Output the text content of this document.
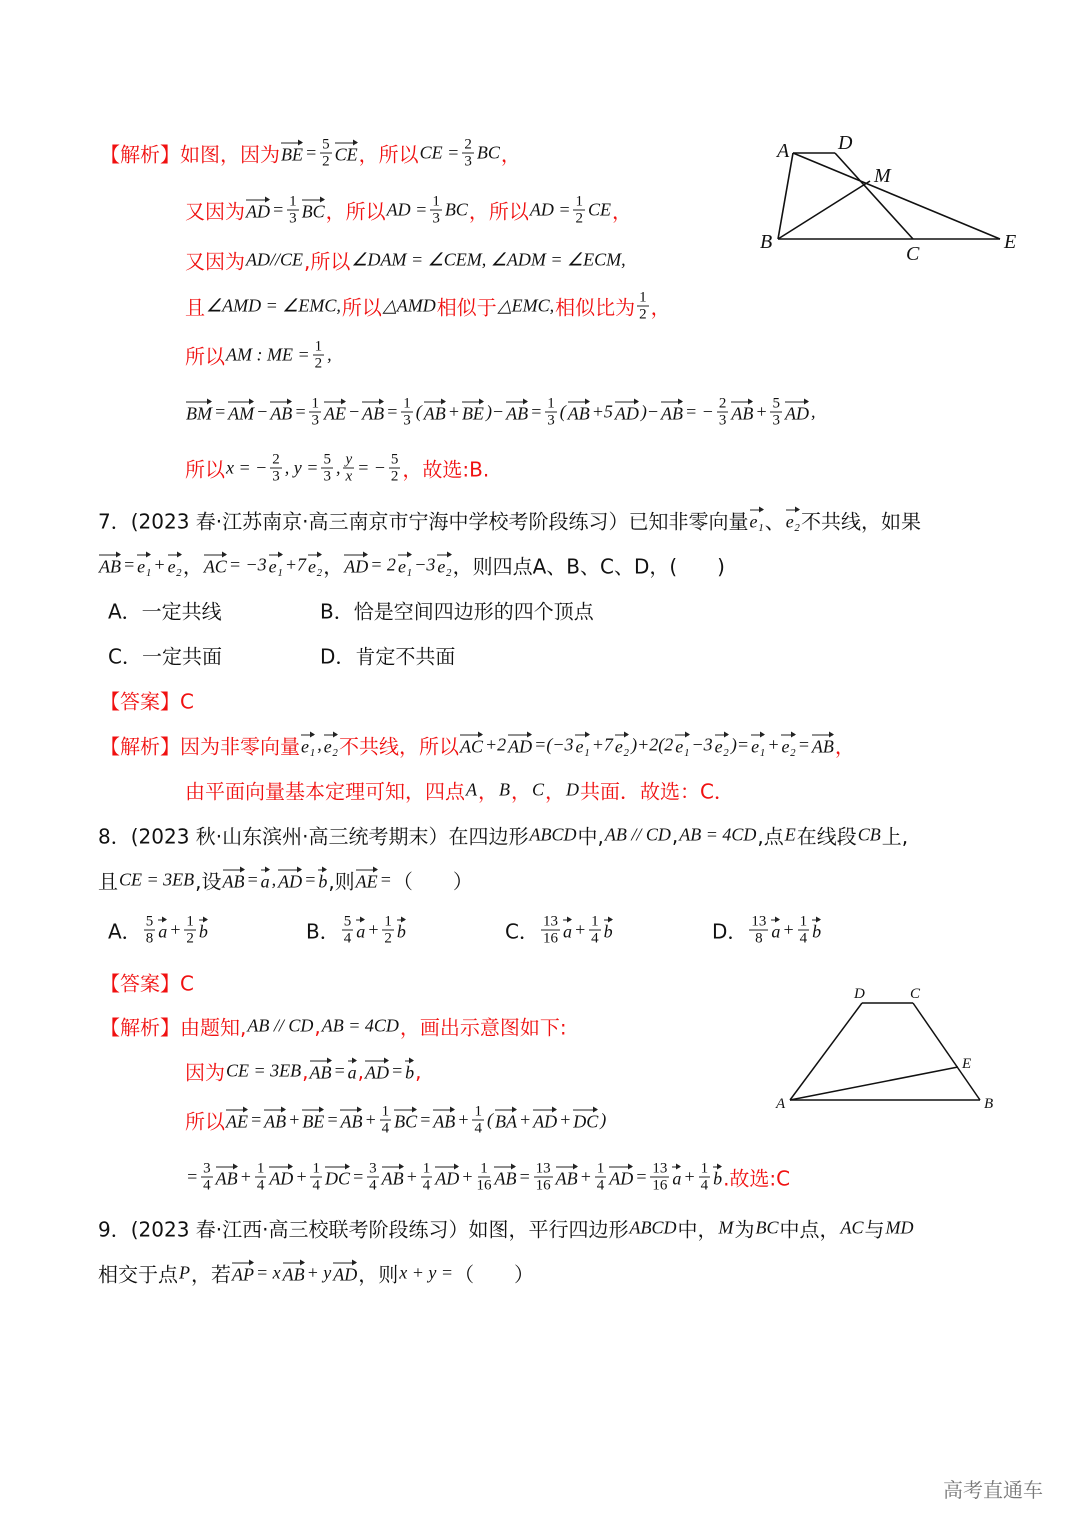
【解析】如图，因为 BE = $\frac{5}{2}$ CE ，所以 CE = $\frac{2}{3}$ BC ，
又因为 AD = $\frac{1}{3}$ BC ，所以 AD = $\frac{1}{3}$ BC ，所以 AD = $\frac{1}{2}$ CE ，
又因为 AD//CE ,所以 ∠DAM = ∠CEM, ∠ADM = ∠ECM,
且 ∠AMD = ∠EMC, 所以 △AMD 相似于 △EMC, 相似比为 $\frac{1}{2}$ ，
所以 AM : ME = $\frac{1}{2}$ ,
BM = AM − AB = $\frac{1}{3}$ AE − AB = $\frac{1}{3}$ ( AB + BE )− AB = $\frac{1}{3}$ ( AB +5 AD )− AB = − $\frac{2}{3}$ AB + $\frac{5}{3}$ AD ,
所以 x = − $\frac{2}{3}$ , $y = \frac{5}{3}$ , $\frac{y}{x}$ = − $\frac{5}{2}$ ，故选:B.
7．(2023 春·江苏南京·高三南京市宁海中学校考阶段练习）已知非零向量 e₁ 、 e₂ 不共线，如果
AB = e₁ + e₂ ， AC = −3 e₁ +7 e₂ ， AD = 2 e₁ −3 e₂ ，则四点A、B、C、D，(　　)
A．一定共线	B．恰是空间四边形的四个顶点
C．一定共面	D．肯定不共面
【答案】C
【解析】因为非零向量 e₁ , e₂ 不共线，所以 AC +2 AD =(−3 e₁ +7 e₂ )+2(2 e₁ −3 e₂ )= e₁ + e₂ = AB ，
由平面向量基本定理可知，四点 A ， B ， C ， D 共面．故选：C．
8．(2023 秋·山东滨州·高三统考期末）在四边形 ABCD 中, AB // CD , AB = 4CD ,点 E 在线段 CB 上,
且 CE = 3EB ,设 AB = a , AD = b ,则 AE = （　　）
A． $\frac{5}{8}$ $a + \frac{1}{2}$ b	B． $\frac{5}{4}$ $a + \frac{1}{2}$ b	C． $\frac{13}{16}$ $a + \frac{1}{4}$ b	D． $\frac{13}{8}$ $a + \frac{1}{4}$ b
【答案】C
【解析】由题知, AB // CD , AB = 4CD ，画出示意图如下:
因为 CE = 3EB , AB = a , AD = b ,
所以 AE = AB + BE = AB + $\frac{1}{4}$ BC = AB + $\frac{1}{4}$ ( BA + AD + DC )
= $\frac{3}{4}$ AB + $\frac{1}{4}$ AD + $\frac{1}{4}$ DC = $\frac{3}{4}$ AB + $\frac{1}{4}$ AD + $\frac{1}{16}$ AB = $\frac{13}{16}$ AB + $\frac{1}{4}$ AD = $\frac{13}{16}$ $a + \frac{1}{4}$ b .故选:C
9．(2023 春·江西·高三校联考阶段练习）如图，平行四边形 ABCD 中， M 为 BC 中点， AC 与 MD
相交于点 P ，若 AP = x AB + y AD ，则 x + y = （　　）
A D
M
B
C
E
D	C
E
A	B
高考直通车
